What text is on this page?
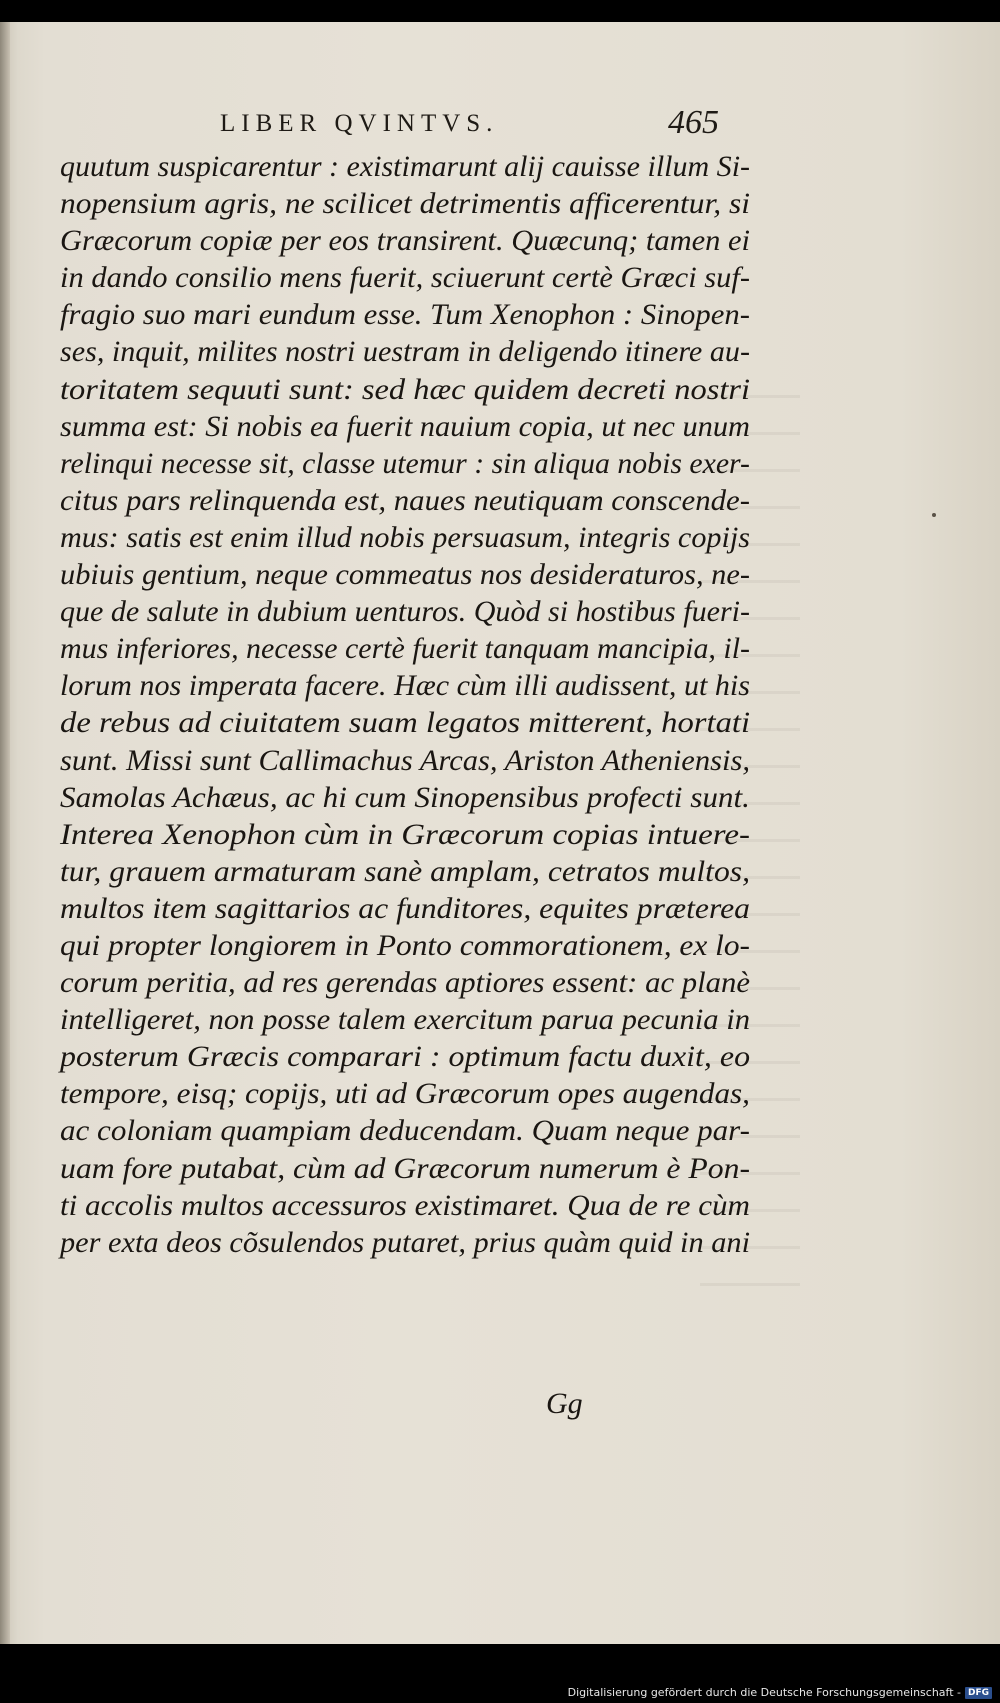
LIBER QVINTVS.	465
quutum suspicarentur : existimarunt alij cauisse illum Si-
nopensium agris, ne scilicet detrimentis afficerentur, si
Græcorum copiæ per eos transirent. Quæcunq; tamen ei
in dando consilio mens fuerit, sciuerunt certè Græci suf-
fragio suo mari eundum esse. Tum Xenophon : Sinopen-
ses, inquit, milites nostri uestram in deligendo itinere au-
toritatem sequuti sunt: sed hæc quidem decreti nostri
summa est: Si nobis ea fuerit nauium copia, ut nec unum
relinqui necesse sit, classe utemur : sin aliqua nobis exer-
citus pars relinquenda est, naues neutiquam conscende-
mus: satis est enim illud nobis persuasum, integris copijs
ubiuis gentium, neque commeatus nos desideraturos, ne-
que de salute in dubium uenturos. Quòd si hostibus fueri-
mus inferiores, necesse certè fuerit tanquam mancipia, il-
lorum nos imperata facere. Hæc cùm illi audissent, ut his
de rebus ad ciuitatem suam legatos mitterent, hortati
sunt. Missi sunt Callimachus Arcas, Ariston Atheniensis,
Samolas Achæus, ac hi cum Sinopensibus profecti sunt.
Interea Xenophon cùm in Græcorum copias intuere-
tur, grauem armaturam sanè amplam, cetratos multos,
multos item sagittarios ac funditores, equites præterea
qui propter longiorem in Ponto commorationem, ex lo-
corum peritia, ad res gerendas aptiores essent: ac planè
intelligeret, non posse talem exercitum parua pecunia in
posterum Græcis comparari : optimum factu duxit, eo
tempore, eisq; copijs, uti ad Græcorum opes augendas,
ac coloniam quampiam deducendam. Quam neque par-
uam fore putabat, cùm ad Græcorum numerum è Pon-
ti accolis multos accessuros existimaret. Qua de re cùm
per exta deos cõsulendos putaret, prius quàm quid in ani
Gg
Digitalisierung gefördert durch die Deutsche Forschungsgemeinschaft - DFG
